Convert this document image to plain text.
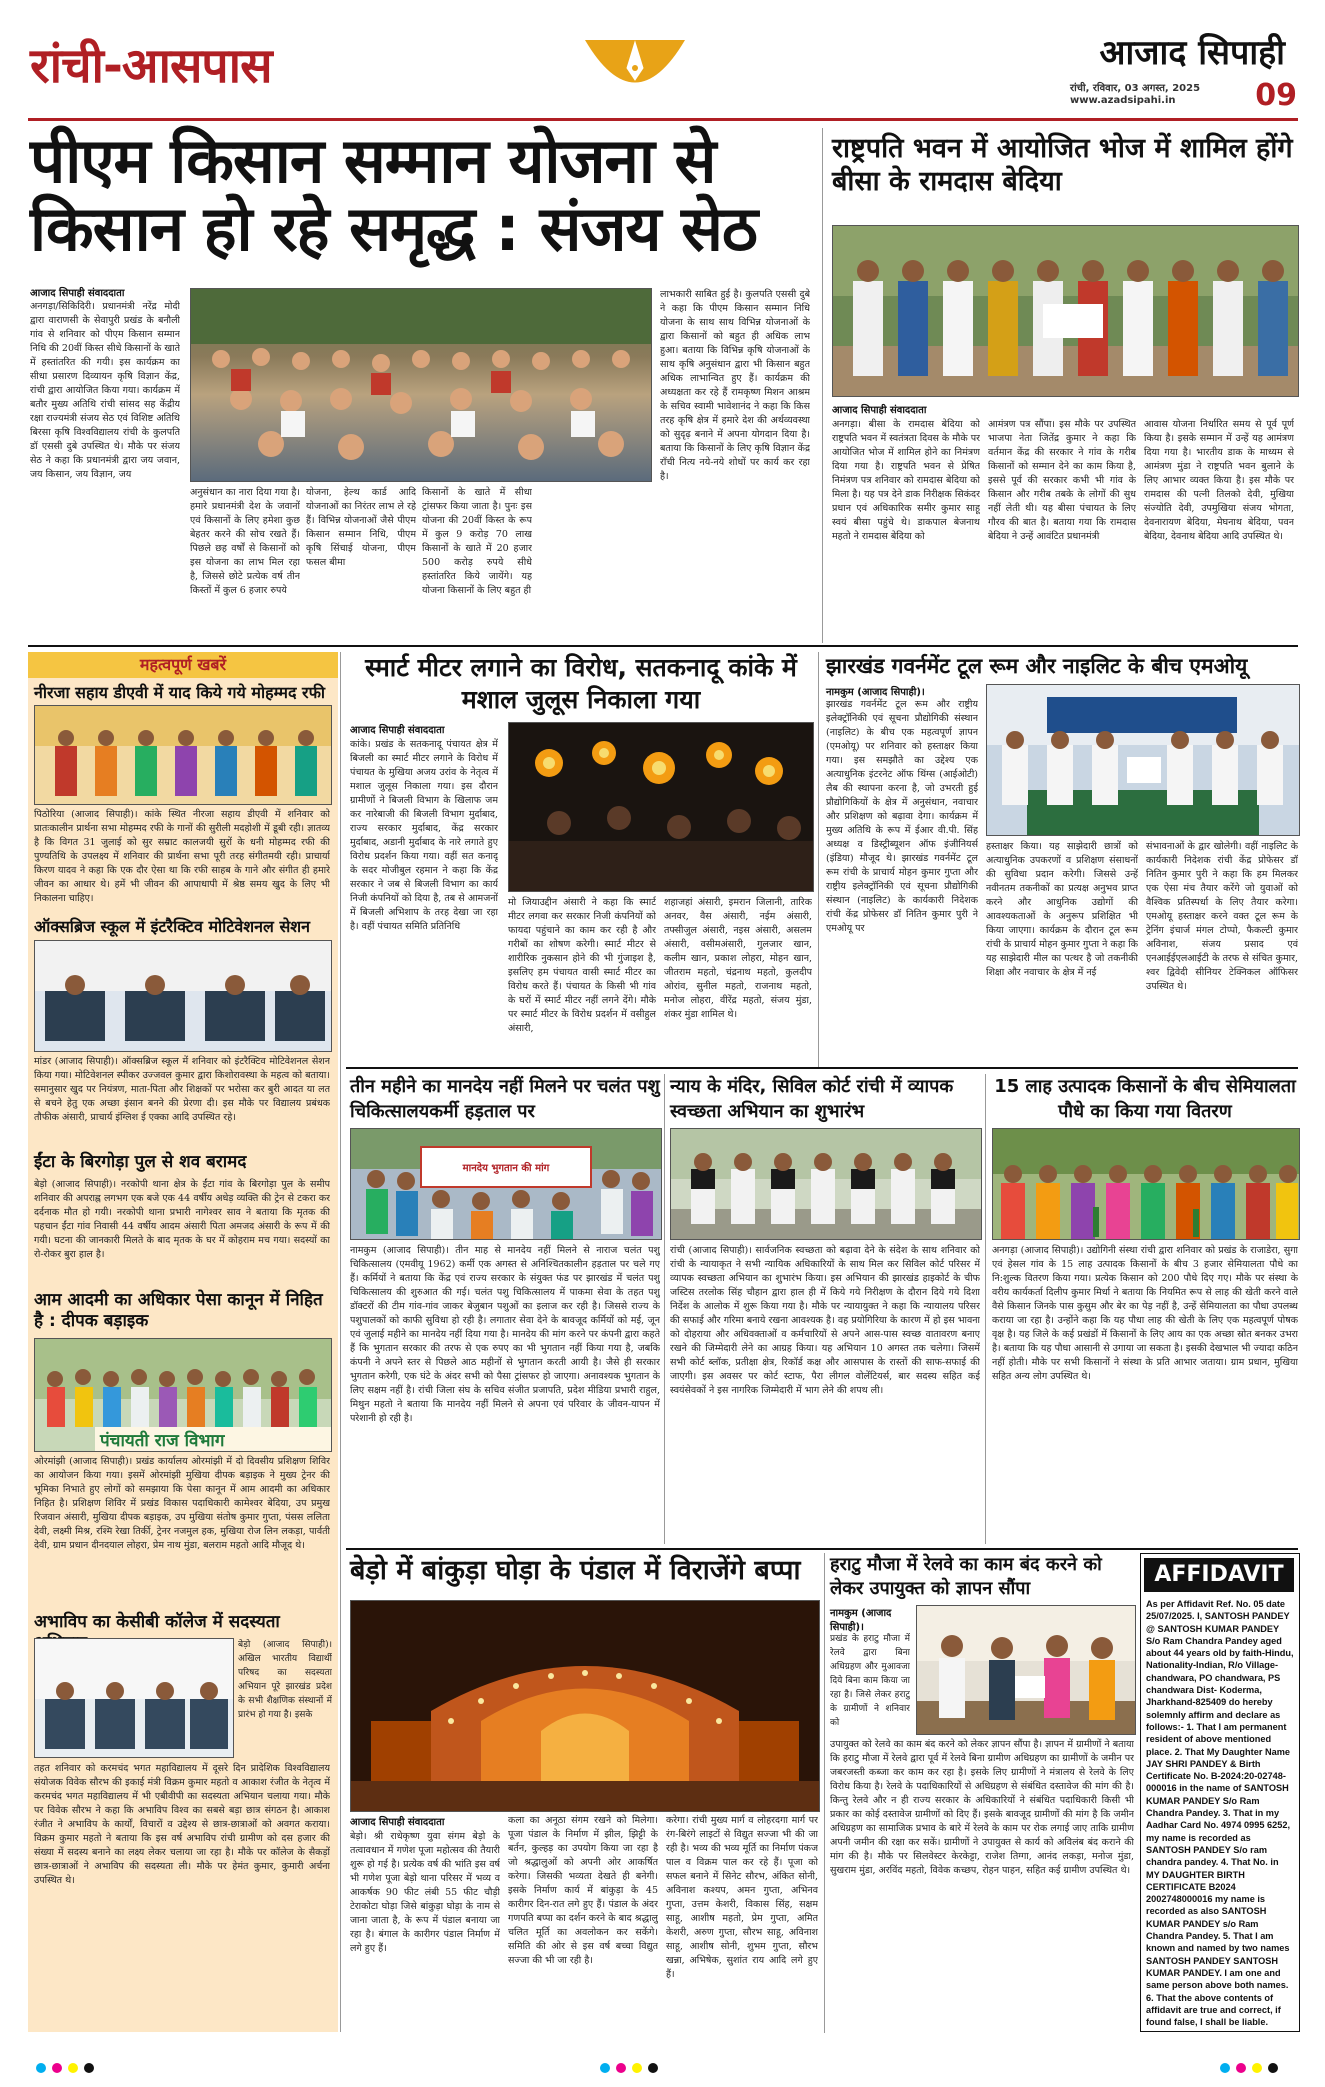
रांची-आसपास	आजाद सिपाही
रांची, रविवार, 03 अगस्त, 2025
www.azadsipahi.in	09
पीएम किसान सम्मान योजना से
किसान हो रहे समृद्ध : संजय सेठ
आजाद सिपाही संवाददाता
अनगड़ा/सिकिदिरी। प्रधानमंत्री नरेंद्र मोदी द्वारा वाराणसी के सेवापुरी प्रखंड के बनौली गांव से शनिवार को पीएम किसान सम्मान निधि की 20वीं किस्त सीधे किसानों के खाते में हस्तांतरित की गयी। इस कार्यक्रम का सीधा प्रसारण दिव्यायन कृषि विज्ञान केंद्र, रांची द्वारा आयोजित किया गया। कार्यक्रम में बतौर मुख्य अतिथि रांची सांसद सह केंद्रीय रक्षा राज्यमंत्री संजय सेठ एवं विशिष्ट अतिथि बिरसा कृषि विश्वविद्यालय रांची के कुलपति डॉ एससी दुबे उपस्थित थे। मौके पर संजय सेठ ने कहा कि प्रधानमंत्री द्वारा जय जवान, जय किसान, जय विज्ञान, जय
अनुसंधान का नारा दिया गया है। हमारे प्रधानमंत्री देश के जवानों एवं किसानों के लिए हमेशा कुछ बेहतर करने की सोच रखते हैं। पिछले छह वर्षों से किसानों को इस योजना का लाभ मिल रहा है, जिससे छोटे प्रत्येक वर्ष तीन किस्तों में कुल 6 हजार रुपये
योजना, हेल्थ कार्ड आदि योजनाओं का निरंतर लाभ ले रहे हैं। विभिन्न योजनाओं जैसे पीएम किसान सम्मान निधि, पीएम कृषि सिंचाई योजना, पीएम फसल बीमा
किसानों के खाते में सीधा ट्रांसफर किया जाता है। पुनः इस योजना की 20वीं किस्त के रूप में कुल 9 करोड़ 70 लाख किसानों के खाते में 20 हजार 500 करोड़ रुपये सीधे हस्तांतरित किये जायेंगे। यह योजना किसानों के लिए बहुत ही
लाभकारी साबित हुई है। कुलपति एससी दुबे ने कहा कि पीएम किसान सम्मान निधि योजना के साथ साथ विभिन्न योजनाओं के द्वारा किसानों को बहुत ही अधिक लाभ हुआ। बताया कि विभिन्न कृषि योजनाओं के साथ कृषि अनुसंधान द्वारा भी किसान बहुत अधिक लाभान्वित हुए हैं। कार्यक्रम की अध्यक्षता कर रहे हैं रामकृष्ण मिशन आश्रम के सचिव स्वामी भावेशानंद ने कहा कि किस तरह कृषि क्षेत्र में हमारे देश की अर्थव्यवस्था को सुदृढ़ बनाने में अपना योगदान दिया है। बताया कि किसानों के लिए कृषि विज्ञान केंद्र राँची नित्य नये-नये शोधों पर कार्य कर रहा है।
राष्ट्रपति भवन में आयोजित भोज में शामिल होंगे बीसा के रामदास बेदिया
आजाद सिपाही संवाददाता
अनगड़ा। बीसा के रामदास बेदिया को राष्ट्रपति भवन में स्वतंत्रता दिवस के मौके पर आयोजित भोज में शामिल होने का निमंत्रण दिया गया है। राष्ट्रपति भवन से प्रेषित निमंत्रण पत्र शनिवार को रामदास बेदिया को मिला है। यह पत्र देने डाक निरीक्षक सिकंदर प्रधान एवं अधिकारिक समीर कुमार साहू स्वयं बीसा पहुंचे थे। डाकपाल बेजनाथ महतो ने रामदास बेदिया को
आमंत्रण पत्र सौंपा। इस मौके पर उपस्थित भाजपा नेता जितेंद्र कुमार ने कहा कि वर्तमान केंद्र की सरकार ने गांव के गरीब किसानों को सम्मान देने का काम किया है, इससे पूर्व की सरकार कभी भी गांव के किसान और गरीब तबके के लोगों की सुध नहीं लेती थी। यह बीसा पंचायत के लिए गौरव की बात है। बताया गया कि रामदास बेदिया ने उन्हें आवंटित प्रधानमंत्री
आवास योजना निर्धारित समय से पूर्व पूर्ण किया है। इसके सम्मान में उन्हें यह आमंत्रण दिया गया है। भारतीय डाक के माध्यम से आमंत्रण मुंडा ने राष्ट्रपति भवन बुलाने के लिए आभार व्यक्त किया है। इस मौके पर रामदास की पत्नी तिलको देवी, मुखिया संज्योति देवी, उपमुखिया संजय भोगता, देवनारायण बेदिया, मेघनाथ बेदिया, पवन बेदिया, देवनाथ बेदिया आदि उपस्थित थे।
महत्वपूर्ण खबरें
नीरजा सहाय डीएवी में याद किये गये मोहम्मद रफी
पिठोरिया (आजाद सिपाही)। कांके स्थित नीरजा सहाय डीएवी में शनिवार को प्रातःकालीन प्रार्थना सभा मोहम्मद रफी के गानों की सुरीली मदहोशी में डूबी रही। ज्ञातव्य है कि विगत 31 जुलाई को सुर सम्राट कालजयी सुरों के धनी मोहम्मद रफी की पुण्यतिथि के उपलक्ष्य में शनिवार की प्रार्थना सभा पूरी तरह संगीतमयी रही। प्राचार्या किरण यादव ने कहा कि एक दौर ऐसा था कि रफी साहब के गाने और संगीत ही हमारे जीवन का आधार थे। हमें भी जीवन की आपाधापी में श्रेष्ठ समय खुद के लिए भी निकालना चाहिए।
ऑक्सब्रिज स्कूल में इंटरैक्टिव मोटिवेशनल सेशन
मांडर (आजाद सिपाही)। ऑक्सब्रिज स्कूल में शनिवार को इंटरैक्टिव मोटिवेशनल सेशन किया गया। मोटिवेशनल स्पीकर उज्जवल कुमार द्वारा किशोरावस्था के महत्व को बताया। समानुसार खुद पर नियंत्रण, माता-पिता और शिक्षकों पर भरोसा कर बुरी आदत या लत से बचने हेतु एक अच्छा इंसान बनने की प्रेरणा दी। इस मौके पर विद्यालय प्रबंधक तौफीक अंसारी, प्राचार्य इंग्लिश ई एक्का आदि उपस्थित रहे।
ईंटा के बिरगोड़ा पुल से शव बरामद
बेड़ो (आजाद सिपाही)। नरकोपी थाना क्षेत्र के ईंटा गांव के बिरगोड़ा पुल के समीप शनिवार की अपराह्न लगभग एक बजे एक 44 वर्षीय अधेड़ व्यक्ति की ट्रेन से टकरा कर दर्दनाक मौत हो गयी। नरकोपी थाना प्रभारी नागेश्वर साव ने बताया कि मृतक की पहचान ईंटा गांव निवासी 44 वर्षीय आदम अंसारी पिता अमजद अंसारी के रूप में की गयी। घटना की जानकारी मिलते के बाद मृतक के घर में कोहराम मच गया। सदस्यों का रो-रोकर बुरा हाल है।
आम आदमी का अधिकार पेसा कानून में निहित है : दीपक बड़ाइक
पंचायती राज विभाग
ओरमांझी (आजाद सिपाही)। प्रखंड कार्यालय ओरमांझी में दो दिवसीय प्रशिक्षण शिविर का आयोजन किया गया। इसमें ओरमांझी मुखिया दीपक बड़ाइक ने मुख्य ट्रेनर की भूमिका निभाते हुए लोगों को समझाया कि पेसा कानून में आम आदमी का अधिकार निहित है। प्रशिक्षण शिविर में प्रखंड विकास पदाधिकारी कामेश्वर बेदिया, उप प्रमुख रिजवान अंसारी, मुखिया दीपक बड़ाइक, उप मुखिया संतोष कुमार गुप्ता, पंसस ललिता देवी, लक्ष्मी मिश्र, रश्मि रेखा तिर्की, ट्रेनर नजमुल हक, मुखिया रोज लिन लकड़ा, पार्वती देवी, ग्राम प्रधान दीनदयाल लोहरा, प्रेम नाथ मुंडा, बलराम महतो आदि मौजूद थे।
अभाविप का केसीबी कॉलेज में सदस्यता
बेड़ो (आजाद सिपाही)। अखिल भारतीय विद्यार्थी परिषद का सदस्यता अभियान पूरे झारखंड प्रदेश के सभी शैक्षणिक संस्थानों में प्रारंभ हो गया है। इसके
तहत शनिवार को करमचंद भगत महाविद्यालय में दूसरे दिन प्रादेशिक विश्वविद्यालय संयोजक विवेक सौरभ की इकाई मंत्री विक्रम कुमार महतो व आकाश रंजीत के नेतृत्व में करमचंद भगत महाविद्यालय में भी एबीवीपी का सदस्यता अभियान चलाया गया। मौके पर विवेक सौरभ ने कहा कि अभाविप विश्व का सबसे बड़ा छात्र संगठन है। आकाश रंजीत ने अभाविप के कार्यों, विचारों व उद्देश्य से छात्र-छात्राओं को अवगत कराया। विक्रम कुमार महतो ने बताया कि इस वर्ष अभाविप रांची ग्रामीण को दस हजार की संख्या में सदस्य बनाने का लक्ष्य लेकर चलाया जा रहा है। मौके पर कॉलेज के सैकड़ों छात्र-छात्राओं ने अभाविप की सदस्यता ली। मौके पर हेमंत कुमार, कुमारी अर्चना उपस्थित थे।
स्मार्ट मीटर लगाने का विरोध, सतकनादू कांके में मशाल जुलूस निकाला गया
आजाद सिपाही संवाददाता
कांके। प्रखंड के सतकनादू पंचायत क्षेत्र में बिजली का स्मार्ट मीटर लगाने के विरोध में पंचायत के मुखिया अजय उरांव के नेतृत्व में मशाल जुलूस निकाला गया। इस दौरान ग्रामीणों ने बिजली विभाग के खिलाफ जम कर नारेबाजी की बिजली विभाग मुर्दाबाद, राज्य सरकार मुर्दाबाद, केंद्र सरकार मुर्दाबाद, अडानी मुर्दाबाद के नारे लगाते हुए विरोध प्रदर्शन किया गया। वहीं सत कनादू के सदर मोजीबुल रहमान ने कहा कि केंद्र सरकार ने जब से बिजली विभाग का कार्य निजी कंपनियों को दिया है, तब से आमजनों में बिजली अभिशाप के तरह देखा जा रहा है। वहीं पंचायत समिति प्रतिनिधि
मो जियाउद्दीन अंसारी ने कहा कि स्मार्ट मीटर लगवा कर सरकार निजी कंपनियों को फायदा पहुंचाने का काम कर रही है और गरीबों का शोषण करेगी। स्मार्ट मीटर से शारीरिक नुकसान होने की भी गुंजाइश है, इसलिए हम पंचायत वासी स्मार्ट मीटर का विरोध करते हैं। पंचायत के किसी भी गांव के घरों में स्मार्ट मीटर नहीं लगने देंगे। मौके पर स्मार्ट मीटर के विरोध प्रदर्शन में वसीहुल अंसारी,
शहाजहां अंसारी, इमरान जिलानी, तारिक अनवर, वैस अंसारी, नईम अंसारी, तफ्सीजुल अंसारी, नइस अंसारी, असलम अंसारी, वसीमअंसारी, गुलजार खान, कलीम खान, प्रकाश लोहरा, मोहन खान, जीतराम महतो, चंद्रनाथ महतो, कुलदीप ओरांव, सुनील महतो, राजनाथ महतो, मनोज लोहरा, वीरेंद्र महतो, संजय मुंडा, शंकर मुंडा शामिल थे।
झारखंड गवर्नमेंट टूल रूम और नाइलिट के बीच एमओयू
नामकुम (आजाद सिपाही)।
झारखंड गवर्नमेंट टूल रूम और राष्ट्रीय इलेक्ट्रॉनिकी एवं सूचना प्रौद्योगिकी संस्थान (नाइलिट) के बीच एक महत्वपूर्ण ज्ञापन (एमओयू) पर शनिवार को हस्ताक्षर किया गया। इस समझौते का उद्देश्य एक अत्याधुनिक इंटरनेट ऑफ थिंग्स (आईओटी) लैब की स्थापना करना है, जो उभरती हुई प्रौद्योगिकियों के क्षेत्र में अनुसंधान, नवाचार और प्रशिक्षण को बढ़ावा देगा। कार्यक्रम में मुख्य अतिथि के रूप में ईआर वी.पी. सिंह अध्यक्ष व डिस्ट्रीब्यूशन ऑफ इंजीनियर्स (इंडिया) मौजूद थे। झारखंड गवर्नमेंट टूल रूम रांची के प्राचार्य मोहन कुमार गुप्ता और राष्ट्रीय इलेक्ट्रॉनिकी एवं सूचना प्रौद्योगिकी संस्थान (नाइलिट) के कार्यकारी निदेशक रांची केंद्र प्रोफेसर डॉ नितिन कुमार पुरी ने एमओयू पर
हस्ताक्षर किया। यह साझेदारी छात्रों को अत्याधुनिक उपकरणों व प्रशिक्षण संसाधनों की सुविधा प्रदान करेगी। जिससे उन्हें नवीनतम तकनीकों का प्रत्यक्ष अनुभव प्राप्त करने और आधुनिक उद्योगों की आवश्यकताओं के अनुरूप प्रशिक्षित भी किया जाएगा। कार्यक्रम के दौरान टूल रूम रांची के प्राचार्य मोहन कुमार गुप्ता ने कहा कि यह साझेदारी मील का पत्थर है जो तकनीकी शिक्षा और नवाचार के क्षेत्र में नई
संभावनाओं के द्वार खोलेगी। वहीं नाइलिट के कार्यकारी निदेशक रांची केंद्र प्रोफेसर डॉ नितिन कुमार पुरी ने कहा कि हम मिलकर एक ऐसा मंच तैयार करेंगे जो युवाओं को वैश्विक प्रतिस्पर्धा के लिए तैयार करेगा। एमओयू हस्ताक्षर करने वक्त टूल रूम के ट्रेनिंग इंचार्ज मंगल टोप्पो, फैकल्टी कुमार अविनाश, संजय प्रसाद एवं एनआईईएलआईटी के तरफ से संचित कुमार, श्वर द्विवेदी सीनियर टेक्निकल ऑफिसर उपस्थित थे।
तीन महीने का मानदेय नहीं मिलने पर चलंत पशु चिकित्सालयकर्मी हड़ताल पर
मानदेय भुगतान की मांग
नामकुम (आजाद सिपाही)। तीन माह से मानदेय नहीं मिलने से नाराज चलंत पशु चिकित्सालय (एमवीयू 1962) कर्मी एक अगस्त से अनिश्चितकालीन हड़ताल पर चले गए हैं। कर्मियों ने बताया कि केंद्र एवं राज्य सरकार के संयुक्त फंड पर झारखंड में चलंत पशु चिकित्सालय की शुरुआत की गई। चलंत पशु चिकित्सालय में पाकमा सेवा के तहत पशु डॉक्टरों की टीम गांव-गांव जाकर बेजुबान पशुओं का इलाज कर रही है। जिससे राज्य के पशुपालकों को काफी सुविधा हो रही है। लगातार सेवा देने के बावजूद कर्मियों को मई, जून एवं जुलाई महीने का मानदेय नहीं दिया गया है। मानदेय की मांग करने पर कंपनी द्वारा कहते हैं कि भुगतान सरकार की तरफ से एक रुपए का भी भुगतान नहीं किया गया है, जबकि कंपनी ने अपने स्तर से पिछले आठ महीनों से भुगतान करती आयी है। जैसे ही सरकार भुगतान करेगी, एक घंटे के अंदर सभी को पैसा ट्रांसफर हो जाएगा। अनावश्यक भुगतान के लिए सक्षम नहीं है। रांची जिला संघ के सचिव संजीत प्रजापति, प्रदेश मीडिया प्रभारी राहुल, मिथुन महतो ने बताया कि मानदेय नहीं मिलने से अपना एवं परिवार के जीवन-यापन में परेशानी हो रही है।
न्याय के मंदिर, सिविल कोर्ट रांची में व्यापक स्वच्छता अभियान का शुभारंभ
रांची (आजाद सिपाही)। सार्वजनिक स्वच्छता को बढ़ावा देने के संदेश के साथ शनिवार को रांची के न्यायाकृत ने सभी न्यायिक अधिकारियों के साथ मिल कर सिविल कोर्ट परिसर में व्यापक स्वच्छता अभियान का शुभारंभ किया। इस अभियान की झारखंड हाइकोर्ट के चीफ जस्टिस तरलोक सिंह चौहान द्वारा हाल ही में किये गये निरीक्षण के दौरान दिये गये दिशा निर्देश के आलोक में शुरू किया गया है। मौके पर न्यायायुक्त ने कहा कि न्यायालय परिसर की सफाई और गरिमा बनाये रखना आवश्यक है। वह प्रयोगिरिया के कारण में हो इस भावना को दोहराया और अधिवक्ताओं व कर्मचारियों से अपने आस-पास स्वच्छ वातावरण बनाए रखने की जिम्मेदारी लेने का आग्रह किया। यह अभियान 10 अगस्त तक चलेगा। जिसमें सभी कोर्ट ब्लॉक, प्रतीक्षा क्षेत्र, रिकॉर्ड कक्ष और आसपास के रास्तों की साफ-सफाई की जाएगी। इस अवसर पर कोर्ट स्टाफ, पैरा लीगल वोलेंटियर्स, बार सदस्य सहित कई स्वयंसेवकों ने इस नागरिक जिम्मेदारी में भाग लेने की शपथ ली।
15 लाह उत्पादक किसानों के बीच सेमियालता पौधे का किया गया वितरण
अनगड़ा (आजाद सिपाही)। उद्योगिनी संस्था रांची द्वारा शनिवार को प्रखंड के राजाडेरा, सुगा एवं हेसल गांव के 15 लाह उत्पादक किसानों के बीच 3 हजार सेमियालता पौधे का नि:शुल्क वितरण किया गया। प्रत्येक किसान को 200 पौधे दिए गए। मौके पर संस्था के वरीय कार्यकर्ता दिलीप कुमार मिर्धा ने बताया कि नियमित रूप से लाह की खेती करने वाले वैसे किसान जिनके पास कुसुम और बेर का पेड़ नहीं है, उन्हें सेमियालता का पौधा उपलब्ध कराया जा रहा है। उन्होंने कहा कि यह पौधा लाह की खेती के लिए एक महत्वपूर्ण पोषक वृक्ष है। यह जिले के कई प्रखंडों में किसानों के लिए आय का एक अच्छा स्रोत बनकर उभरा है। बताया कि यह पौधा आसानी से उगाया जा सकता है। इसकी देखभाल भी ज्यादा कठिन नहीं होती। मौके पर सभी किसानों ने संस्था के प्रति आभार जताया। ग्राम प्रधान, मुखिया सहित अन्य लोग उपस्थित थे।
बेड़ो में बांकुड़ा घोड़ा के पंडाल में विराजेंगे बप्पा
आजाद सिपाही संवाददाता
बेड़ो। श्री राधेकृष्ण युवा संगम बेड़ो के तत्वावधान में गणेश पूजा महोत्सव की तैयारी शुरू हो गई है। प्रत्येक वर्ष की भांति इस वर्ष भी गणेश पूजा बेड़ो थाना परिसर में भव्य व आकर्षक 90 फीट लंबी 55 फीट चौड़ी टेराकोटा घोड़ा जिसे बांकुड़ा घोड़ा के नाम से जाना जाता है, के रूप में पंडाल बनाया जा रहा है। बंगाल के कारीगर पंडाल निर्माण में लगे हुए हैं।
कला का अनूठा संगम रखने को मिलेगा। पूजा पंडाल के निर्माण में झील, झिट्टी के बर्तन, कुल्हड़ का उपयोग किया जा रहा है जो श्रद्धालुओं को अपनी ओर आकर्षित करेगा। जिसकी भव्यता देखते ही बनेगी। इसके निर्माण कार्य में बांकुड़ा के 45 कारीगर दिन-रात लगे हुए हैं। पंडाल के अंदर गणपति बप्पा का दर्शन करने के बाद श्रद्धालु चलित मूर्ति का अवलोकन कर सकेंगे। समिति की ओर से इस वर्ष बच्चा विद्युत सज्जा की भी जा रही है।
करेगा। रांची मुख्य मार्ग व लोहरदगा मार्ग पर रंग-बिरंगे लाइटों से विद्युत सज्जा भी की जा रही है। भव्य की भव्य मूर्ति का निर्माण पंकज पाल व विक्रम पाल कर रहे हैं। पूजा को सफल बनाने में सिनेट सौरभ, अंकित सोनी, अविनाश कश्यप, अमन गुप्ता, अभिनव गुप्ता, उत्तम केशरी, विकास सिंह, सक्षम साहू, आशीष महतो, प्रेम गुप्ता, अमित केशरी, अरुण गुप्ता, सौरभ साहू, अविनाश साहू, आशीष सोनी, शुभम गुप्ता, सौरभ खन्ना, अभिषेक, सुशांत राय आदि लगे हुए हैं।
हराटु मौजा में रेलवे का काम बंद करने को लेकर उपायुक्त को ज्ञापन सौंपा
नामकुम (आजाद सिपाही)।
प्रखंड के हराटु मौजा में रेलवे द्वारा बिना अधिग्रहण और मुआवजा दिये बिना काम किया जा रहा है। जिसे लेकर हराटु के ग्रामीणों ने शनिवार को
उपायुक्त को रेलवे का काम बंद करने को लेकर ज्ञापन सौंपा है। ज्ञापन में ग्रामीणों ने बताया कि हराटु मौजा में रेलवे द्वारा पूर्व में रेलवे बिना ग्रामीण अधिग्रहण का ग्रामीणों के जमीन पर जबरजस्ती कब्जा कर काम कर रहा है। इसके लिए ग्रामीणों ने मंत्रालय से रेलवे के लिए विरोध किया है। रेलवे के पदाधिकारियों से अधिग्रहण से संबंधित दस्तावेज की मांग की है। किन्तु रेलवे और न ही राज्य सरकार के अधिकारियों ने संबंधित पदाधिकारी किसी भी प्रकार का कोई दस्तावेज ग्रामीणों को दिए हैं। इसके बावजूद ग्रामीणों की मांग है कि जमीन अधिग्रहण का सामाजिक प्रभाव के बारे में रेलवे के काम पर रोक लगाई जाए ताकि ग्रामीण अपनी जमीन की रक्षा कर सकें। ग्रामीणों ने उपायुक्त से कार्य को अविलंब बंद कराने की मांग की है। मौके पर सिलवेस्टर केरकेट्टा, राजेश तिग्गा, आनंद लकड़ा, मनोज मुंडा, सुखराम मुंडा, अरविंद महतो, विवेक कच्छप, रोहन पाहन, सहित कई ग्रामीण उपस्थित थे।
AFFIDAVIT
As per Affidavit Ref. No. 05 date 25/07/2025. I, SANTOSH PANDEY @ SANTOSH KUMAR PANDEY S/o Ram Chandra Pandey aged about 44 years old by faith-Hindu, Nationality-Indian, R/o Village-chandwara, PO chandwara, PS chandwara Dist- Koderma, Jharkhand-825409 do hereby solemnly affirm and declare as follows:- 1. That I am permanent resident of above mentioned place. 2. That My Daughter Name JAY SHRI PANDEY & Birth Certificate No. B-2024:20-02748-000016 in the name of SANTOSH KUMAR PANDEY S/o Ram Chandra Pandey. 3. That in my Aadhar Card No. 4974 0995 6252, my name is recorded as SANTOSH PANDEY S/o ram chandra pandey. 4. That No. in MY DAUGHTER BIRTH CERTIFICATE B2024 2002748000016 my name is recorded as also SANTOSH KUMAR PANDEY s/o Ram Chandra Pandey. 5. That I am known and named by two names SANTOSH PANDEY SANTOSH KUMAR PANDEY. I am one and same person above both names. 6. That the above contents of affidavit are true and correct, if found false, I shall be liable.
